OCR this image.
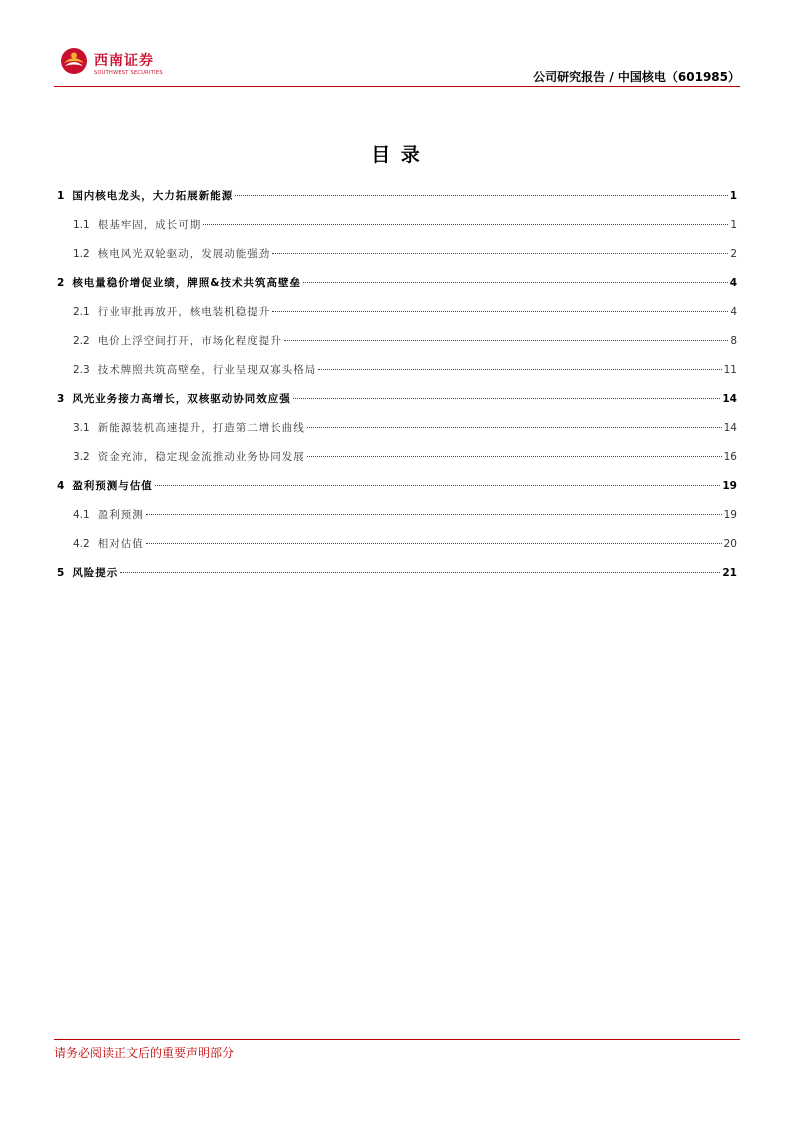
西南证券
SOUTHWEST SECURITIES	公司研究报告 / 中国核电（601985）
目 录
1 国内核电龙头，大力拓展新能源	1
1.1 根基牢固，成长可期	1
1.2 核电风光双轮驱动，发展动能强劲	2
2 核电量稳价增促业绩，牌照&技术共筑高壁垒	4
2.1 行业审批再放开，核电装机稳提升	4
2.2 电价上浮空间打开，市场化程度提升	8
2.3 技术牌照共筑高壁垒，行业呈现双寡头格局	11
3 风光业务接力高增长，双核驱动协同效应强	14
3.1 新能源装机高速提升，打造第二增长曲线	14
3.2 资金充沛，稳定现金流推动业务协同发展	16
4 盈利预测与估值	19
4.1 盈利预测	19
4.2 相对估值	20
5 风险提示	21
请务必阅读正文后的重要声明部分
